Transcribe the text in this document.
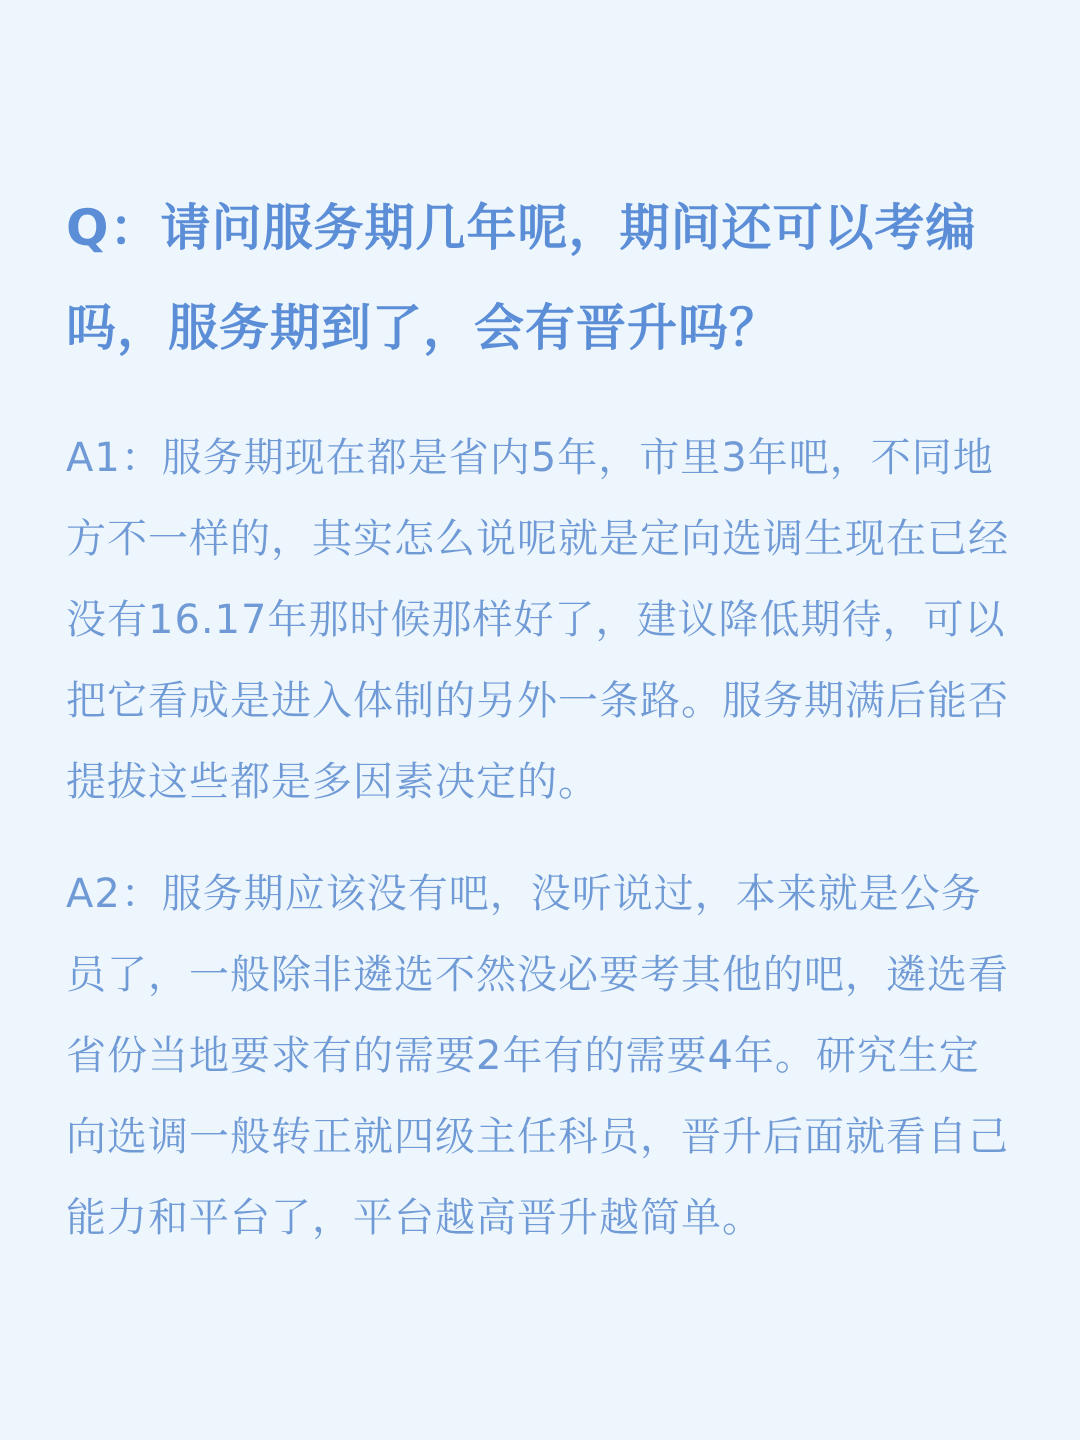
Q：请问服务期几年呢，期间还可以考编吗，服务期到了，会有晋升吗？

A1：服务期现在都是省内5年，市里3年吧，不同地方不一样的，其实怎么说呢就是定向选调生现在已经没有16.17年那时候那样好了，建议降低期待，可以把它看成是进入体制的另外一条路。服务期满后能否提拔这些都是多因素决定的。

A2：服务期应该没有吧，没听说过，本来就是公务员了，一般除非遴选不然没必要考其他的吧，遴选看省份当地要求有的需要2年有的需要4年。研究生定向选调一般转正就四级主任科员，晋升后面就看自己能力和平台了，平台越高晋升越简单。
